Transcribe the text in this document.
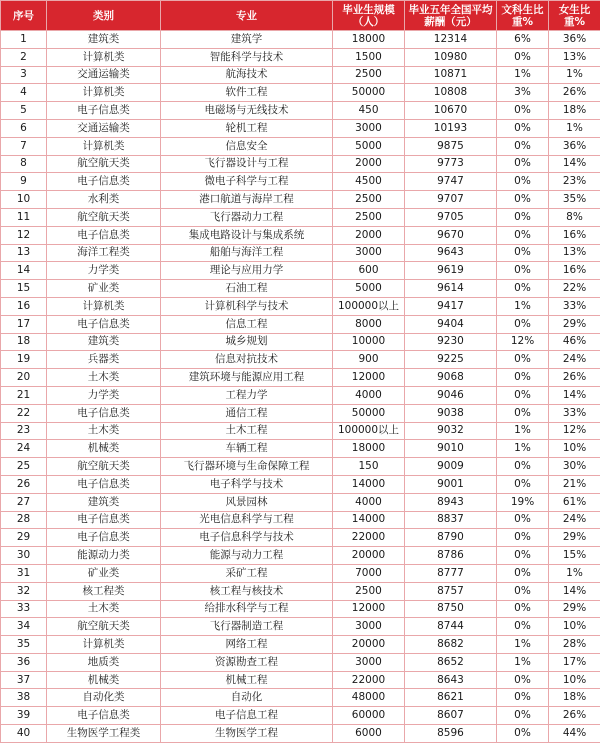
序号	类别	专业	毕业生规模（人）	毕业五年全国平均薪酬（元）	文科生比重%	女生比重%
1	建筑类	建筑学	18000	12314	6%	36%
2	计算机类	智能科学与技术	1500	10980	0%	13%
3	交通运输类	航海技术	2500	10871	1%	1%
4	计算机类	软件工程	50000	10808	3%	26%
5	电子信息类	电磁场与无线技术	450	10670	0%	18%
6	交通运输类	轮机工程	3000	10193	0%	1%
7	计算机类	信息安全	5000	9875	0%	36%
8	航空航天类	飞行器设计与工程	2000	9773	0%	14%
9	电子信息类	微电子科学与工程	4500	9747	0%	23%
10	水利类	港口航道与海岸工程	2500	9707	0%	35%
11	航空航天类	飞行器动力工程	2500	9705	0%	8%
12	电子信息类	集成电路设计与集成系统	2000	9670	0%	16%
13	海洋工程类	船舶与海洋工程	3000	9643	0%	13%
14	力学类	理论与应用力学	600	9619	0%	16%
15	矿业类	石油工程	5000	9614	0%	22%
16	计算机类	计算机科学与技术	100000以上	9417	1%	33%
17	电子信息类	信息工程	8000	9404	0%	29%
18	建筑类	城乡规划	10000	9230	12%	46%
19	兵器类	信息对抗技术	900	9225	0%	24%
20	土木类	建筑环境与能源应用工程	12000	9068	0%	26%
21	力学类	工程力学	4000	9046	0%	14%
22	电子信息类	通信工程	50000	9038	0%	33%
23	土木类	土木工程	100000以上	9032	1%	12%
24	机械类	车辆工程	18000	9010	1%	10%
25	航空航天类	飞行器环境与生命保障工程	150	9009	0%	30%
26	电子信息类	电子科学与技术	14000	9001	0%	21%
27	建筑类	风景园林	4000	8943	19%	61%
28	电子信息类	光电信息科学与工程	14000	8837	0%	24%
29	电子信息类	电子信息科学与技术	22000	8790	0%	29%
30	能源动力类	能源与动力工程	20000	8786	0%	15%
31	矿业类	采矿工程	7000	8777	0%	1%
32	核工程类	核工程与核技术	2500	8757	0%	14%
33	土木类	给排水科学与工程	12000	8750	0%	29%
34	航空航天类	飞行器制造工程	3000	8744	0%	10%
35	计算机类	网络工程	20000	8682	1%	28%
36	地质类	资源勘查工程	3000	8652	1%	17%
37	机械类	机械工程	22000	8643	0%	10%
38	自动化类	自动化	48000	8621	0%	18%
39	电子信息类	电子信息工程	60000	8607	0%	26%
40	生物医学工程类	生物医学工程	6000	8596	0%	44%
